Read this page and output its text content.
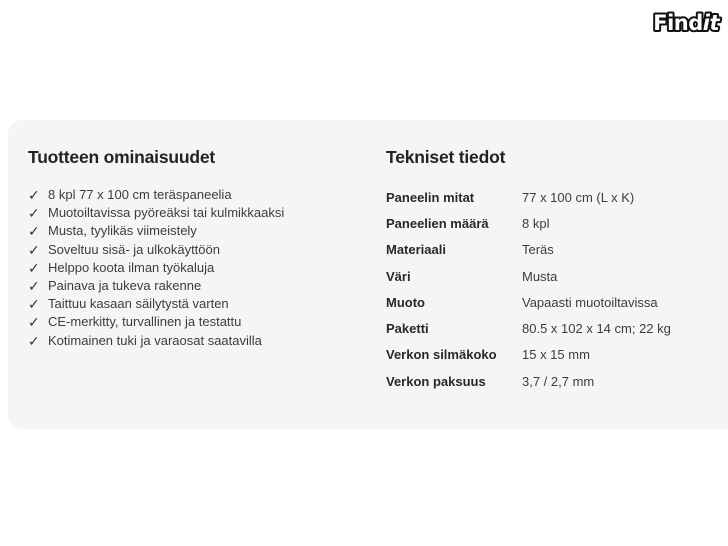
Findit
Tuotteen ominaisuudet
✓ 8 kpl 77 x 100 cm teräspaneelia
✓ Muotoiltavissa pyöreäksi tai kulmikkaaksi
✓ Musta, tyylikäs viimeistely
✓ Soveltuu sisä- ja ulkokäyttöön
✓ Helppo koota ilman työkaluja
✓ Painava ja tukeva rakenne
✓ Taittuu kasaan säilytystä varten
✓ CE-merkitty, turvallinen ja testattu
✓ Kotimainen tuki ja varaosat saatavilla
Tekniset tiedot
Paneelin mitat	77 x 100 cm (L x K)
Paneelien määrä	8 kpl
Materiaali	Teräs
Väri	Musta
Muoto	Vapaasti muotoiltavissa
Paketti	80.5 x 102 x 14 cm; 22 kg
Verkon silmäkoko	15 x 15 mm
Verkon paksuus	3,7 / 2,7 mm
